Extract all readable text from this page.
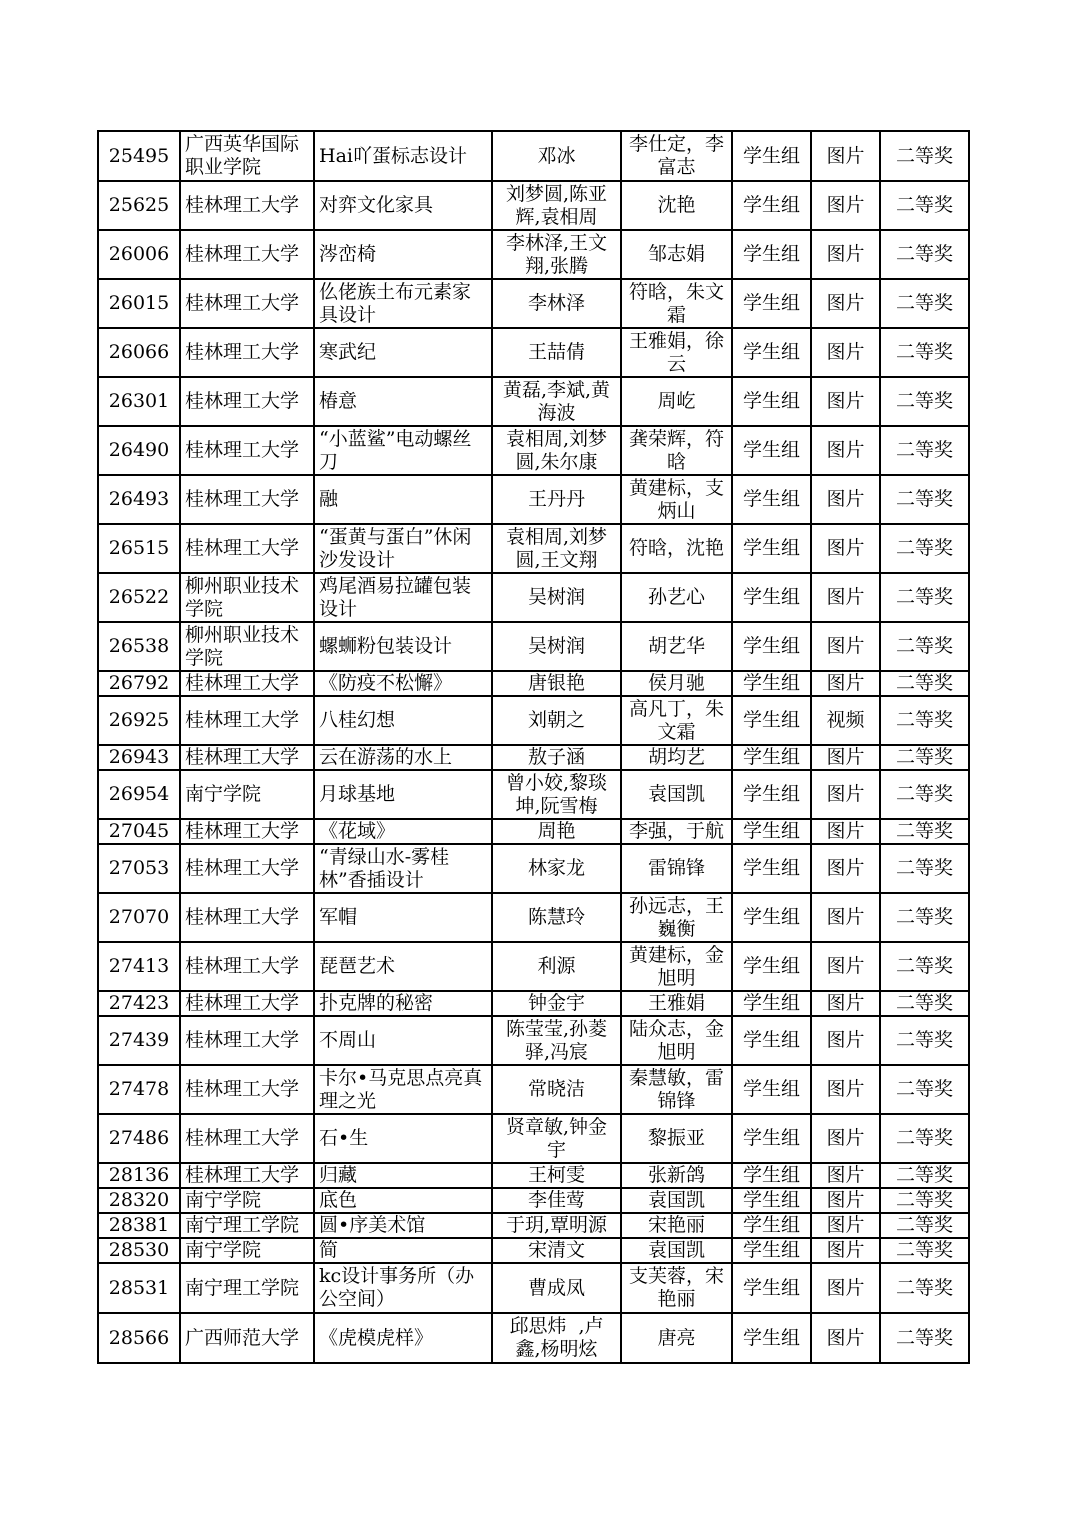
25495	广西英华国际职业学院	Hai吖蛋标志设计	邓冰	李仕定，李富志	学生组	图片	二等奖
25625	桂林理工大学	对弈文化家具	刘梦圆,陈亚辉,袁相周	沈艳	学生组	图片	二等奖
26006	桂林理工大学	涔峦椅	李林泽,王文翔,张腾	邹志娟	学生组	图片	二等奖
26015	桂林理工大学	仫佬族土布元素家具设计	李林泽	符晗，朱文霜	学生组	图片	二等奖
26066	桂林理工大学	寒武纪	王喆倩	王雅娟，徐云	学生组	图片	二等奖
26301	桂林理工大学	椿意	黄磊,李斌,黄海波	周屹	学生组	图片	二等奖
26490	桂林理工大学	“小蓝鲨”电动螺丝刀	袁相周,刘梦圆,朱尔康	龚荣辉，符晗	学生组	图片	二等奖
26493	桂林理工大学	融	王丹丹	黄建标，支炳山	学生组	图片	二等奖
26515	桂林理工大学	“蛋黄与蛋白”休闲沙发设计	袁相周,刘梦圆,王文翔	符晗，沈艳	学生组	图片	二等奖
26522	柳州职业技术学院	鸡尾酒易拉罐包装设计	吴树润	孙艺心	学生组	图片	二等奖
26538	柳州职业技术学院	螺蛳粉包装设计	吴树润	胡艺华	学生组	图片	二等奖
26792	桂林理工大学	《防疫不松懈》	唐银艳	侯月驰	学生组	图片	二等奖
26925	桂林理工大学	八桂幻想	刘朝之	高凡丁，朱文霜	学生组	视频	二等奖
26943	桂林理工大学	云在游荡的水上	敖子涵	胡均艺	学生组	图片	二等奖
26954	南宁学院	月球基地	曾小姣,黎琰坤,阮雪梅	袁国凯	学生组	图片	二等奖
27045	桂林理工大学	《花域》	周艳	李强，于航	学生组	图片	二等奖
27053	桂林理工大学	“青绿山水-雾桂林”香插设计	林家龙	雷锦锋	学生组	图片	二等奖
27070	桂林理工大学	军帽	陈慧玲	孙远志，王巍衡	学生组	图片	二等奖
27413	桂林理工大学	琵琶艺术	利源	黄建标，金旭明	学生组	图片	二等奖
27423	桂林理工大学	扑克牌的秘密	钟金宇	王雅娟	学生组	图片	二等奖
27439	桂林理工大学	不周山	陈莹莹,孙菱驿,冯宸	陆众志，金旭明	学生组	图片	二等奖
27478	桂林理工大学	卡尔•马克思点亮真理之光	常晓洁	秦慧敏，雷锦锋	学生组	图片	二等奖
27486	桂林理工大学	石•生	贤章敏,钟金宇	黎振亚	学生组	图片	二等奖
28136	桂林理工大学	归藏	王柯雯	张新鸽	学生组	图片	二等奖
28320	南宁学院	底色	李佳莺	袁国凯	学生组	图片	二等奖
28381	南宁理工学院	圆•序美术馆	于玥,覃明源	宋艳丽	学生组	图片	二等奖
28530	南宁学院	简	宋清文	袁国凯	学生组	图片	二等奖
28531	南宁理工学院	kc设计事务所（办公空间）	曹成凤	支芙蓉，宋艳丽	学生组	图片	二等奖
28566	广西师范大学	《虎模虎样》	邱思炜  ,卢鑫,杨明炫	唐亮	学生组	图片	二等奖
